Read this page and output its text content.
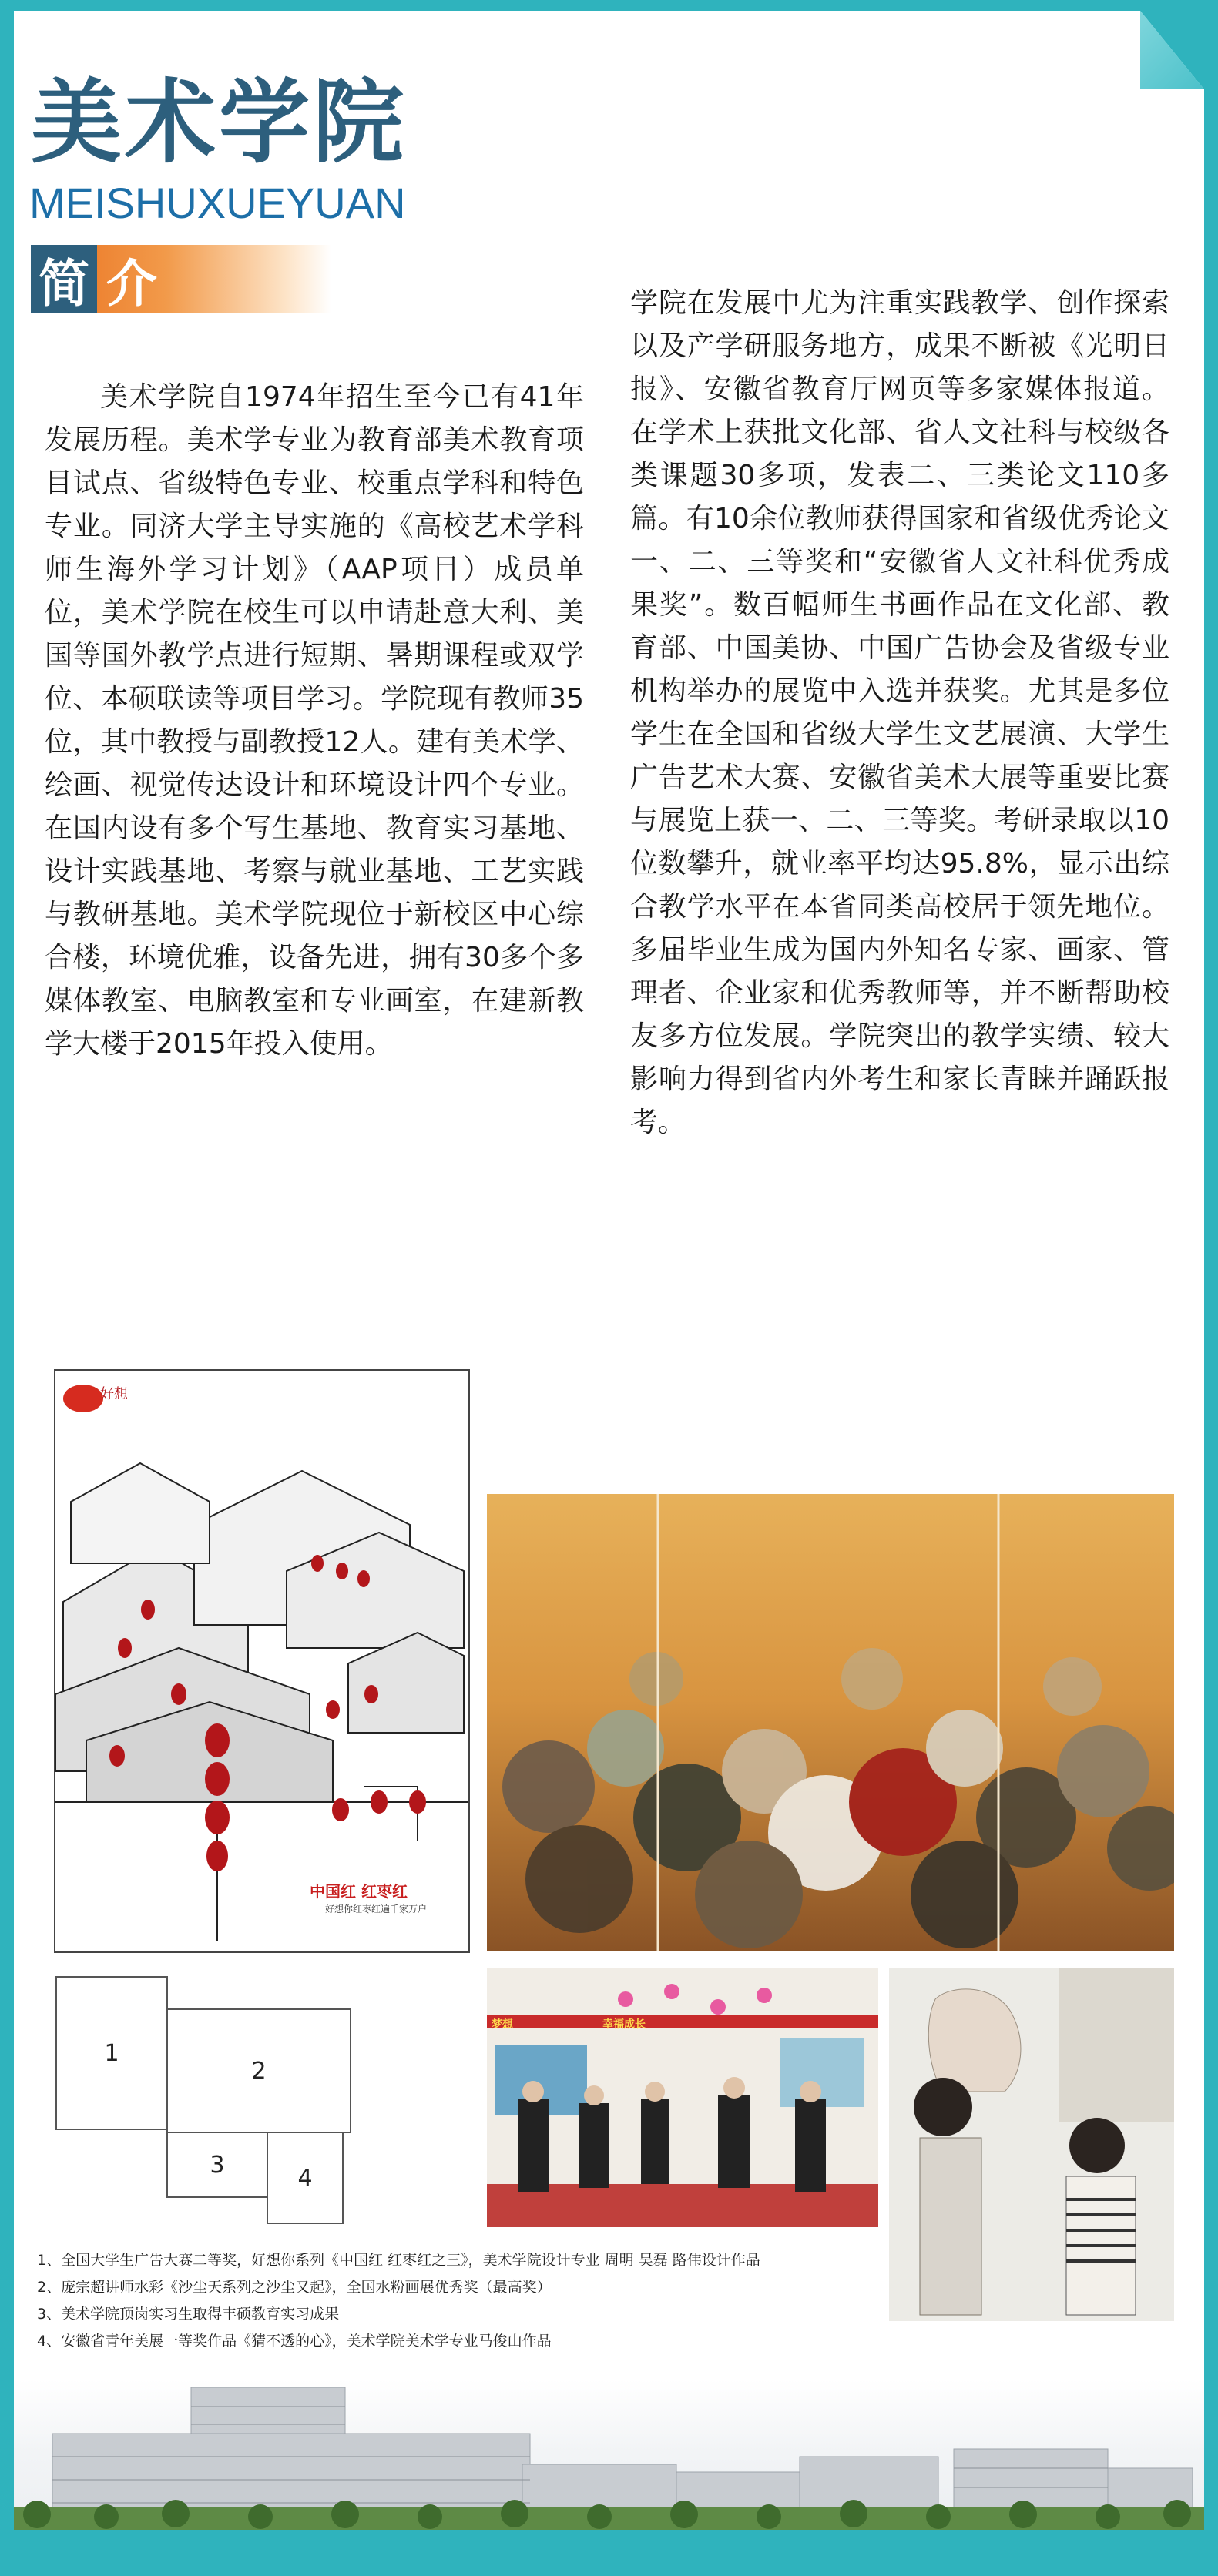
美术学院
MEISHUXUEYUAN
简 介

美术学院自1974年招生至今已有41年发展历程。美术学专业为教育部美术教育项目试点、省级特色专业、校重点学科和特色专业。同济大学主导实施的《高校艺术学科师生海外学习计划》（AAP项目）成员单位，美术学院在校生可以申请赴意大利、美国等国外教学点进行短期、暑期课程或双学位、本硕联读等项目学习。学院现有教师35位，其中教授与副教授12人。建有美术学、绘画、视觉传达设计和环境设计四个专业。在国内设有多个写生基地、教育实习基地、设计实践基地、考察与就业基地、工艺实践与教研基地。美术学院现位于新校区中心综合楼，环境优雅，设备先进，拥有30多个多媒体教室、电脑教室和专业画室，在建新教学大楼于2015年投入使用。

学院在发展中尤为注重实践教学、创作探索以及产学研服务地方，成果不断被《光明日报》、安徽省教育厅网页等多家媒体报道。在学术上获批文化部、省人文社科与校级各类课题30多项，发表二、三类论文110多篇。有10余位教师获得国家和省级优秀论文一、二、三等奖和“安徽省人文社科优秀成果奖”。数百幅师生书画作品在文化部、教育部、中国美协、中国广告协会及省级专业机构举办的展览中入选并获奖。尤其是多位学生在全国和省级大学生文艺展演、大学生广告艺术大赛、安徽省美术大展等重要比赛与展览上获一、二、三等奖。考研录取以10位数攀升，就业率平均达95.8%，显示出综合教学水平在本省同类高校居于领先地位。多届毕业生成为国内外知名专家、画家、管理者、企业家和优秀教师等，并不断帮助校友多方位发展。学院突出的教学实绩、较大影响力得到省内外考生和家长青睐并踊跃报考。

好想
中国红 红枣红
好想你红枣红遍千家万户
梦想	幸福成长
1
2
3	4
1、全国大学生广告大赛二等奖，好想你系列《中国红 红枣红之三》，美术学院设计专业 周明 吴磊 路伟设计作品
2、庞宗超讲师水彩《沙尘天系列之沙尘又起》，全国水粉画展优秀奖（最高奖）
3、美术学院顶岗实习生取得丰硕教育实习成果
4、安徽省青年美展一等奖作品《猜不透的心》，美术学院美术学专业马俊山作品
